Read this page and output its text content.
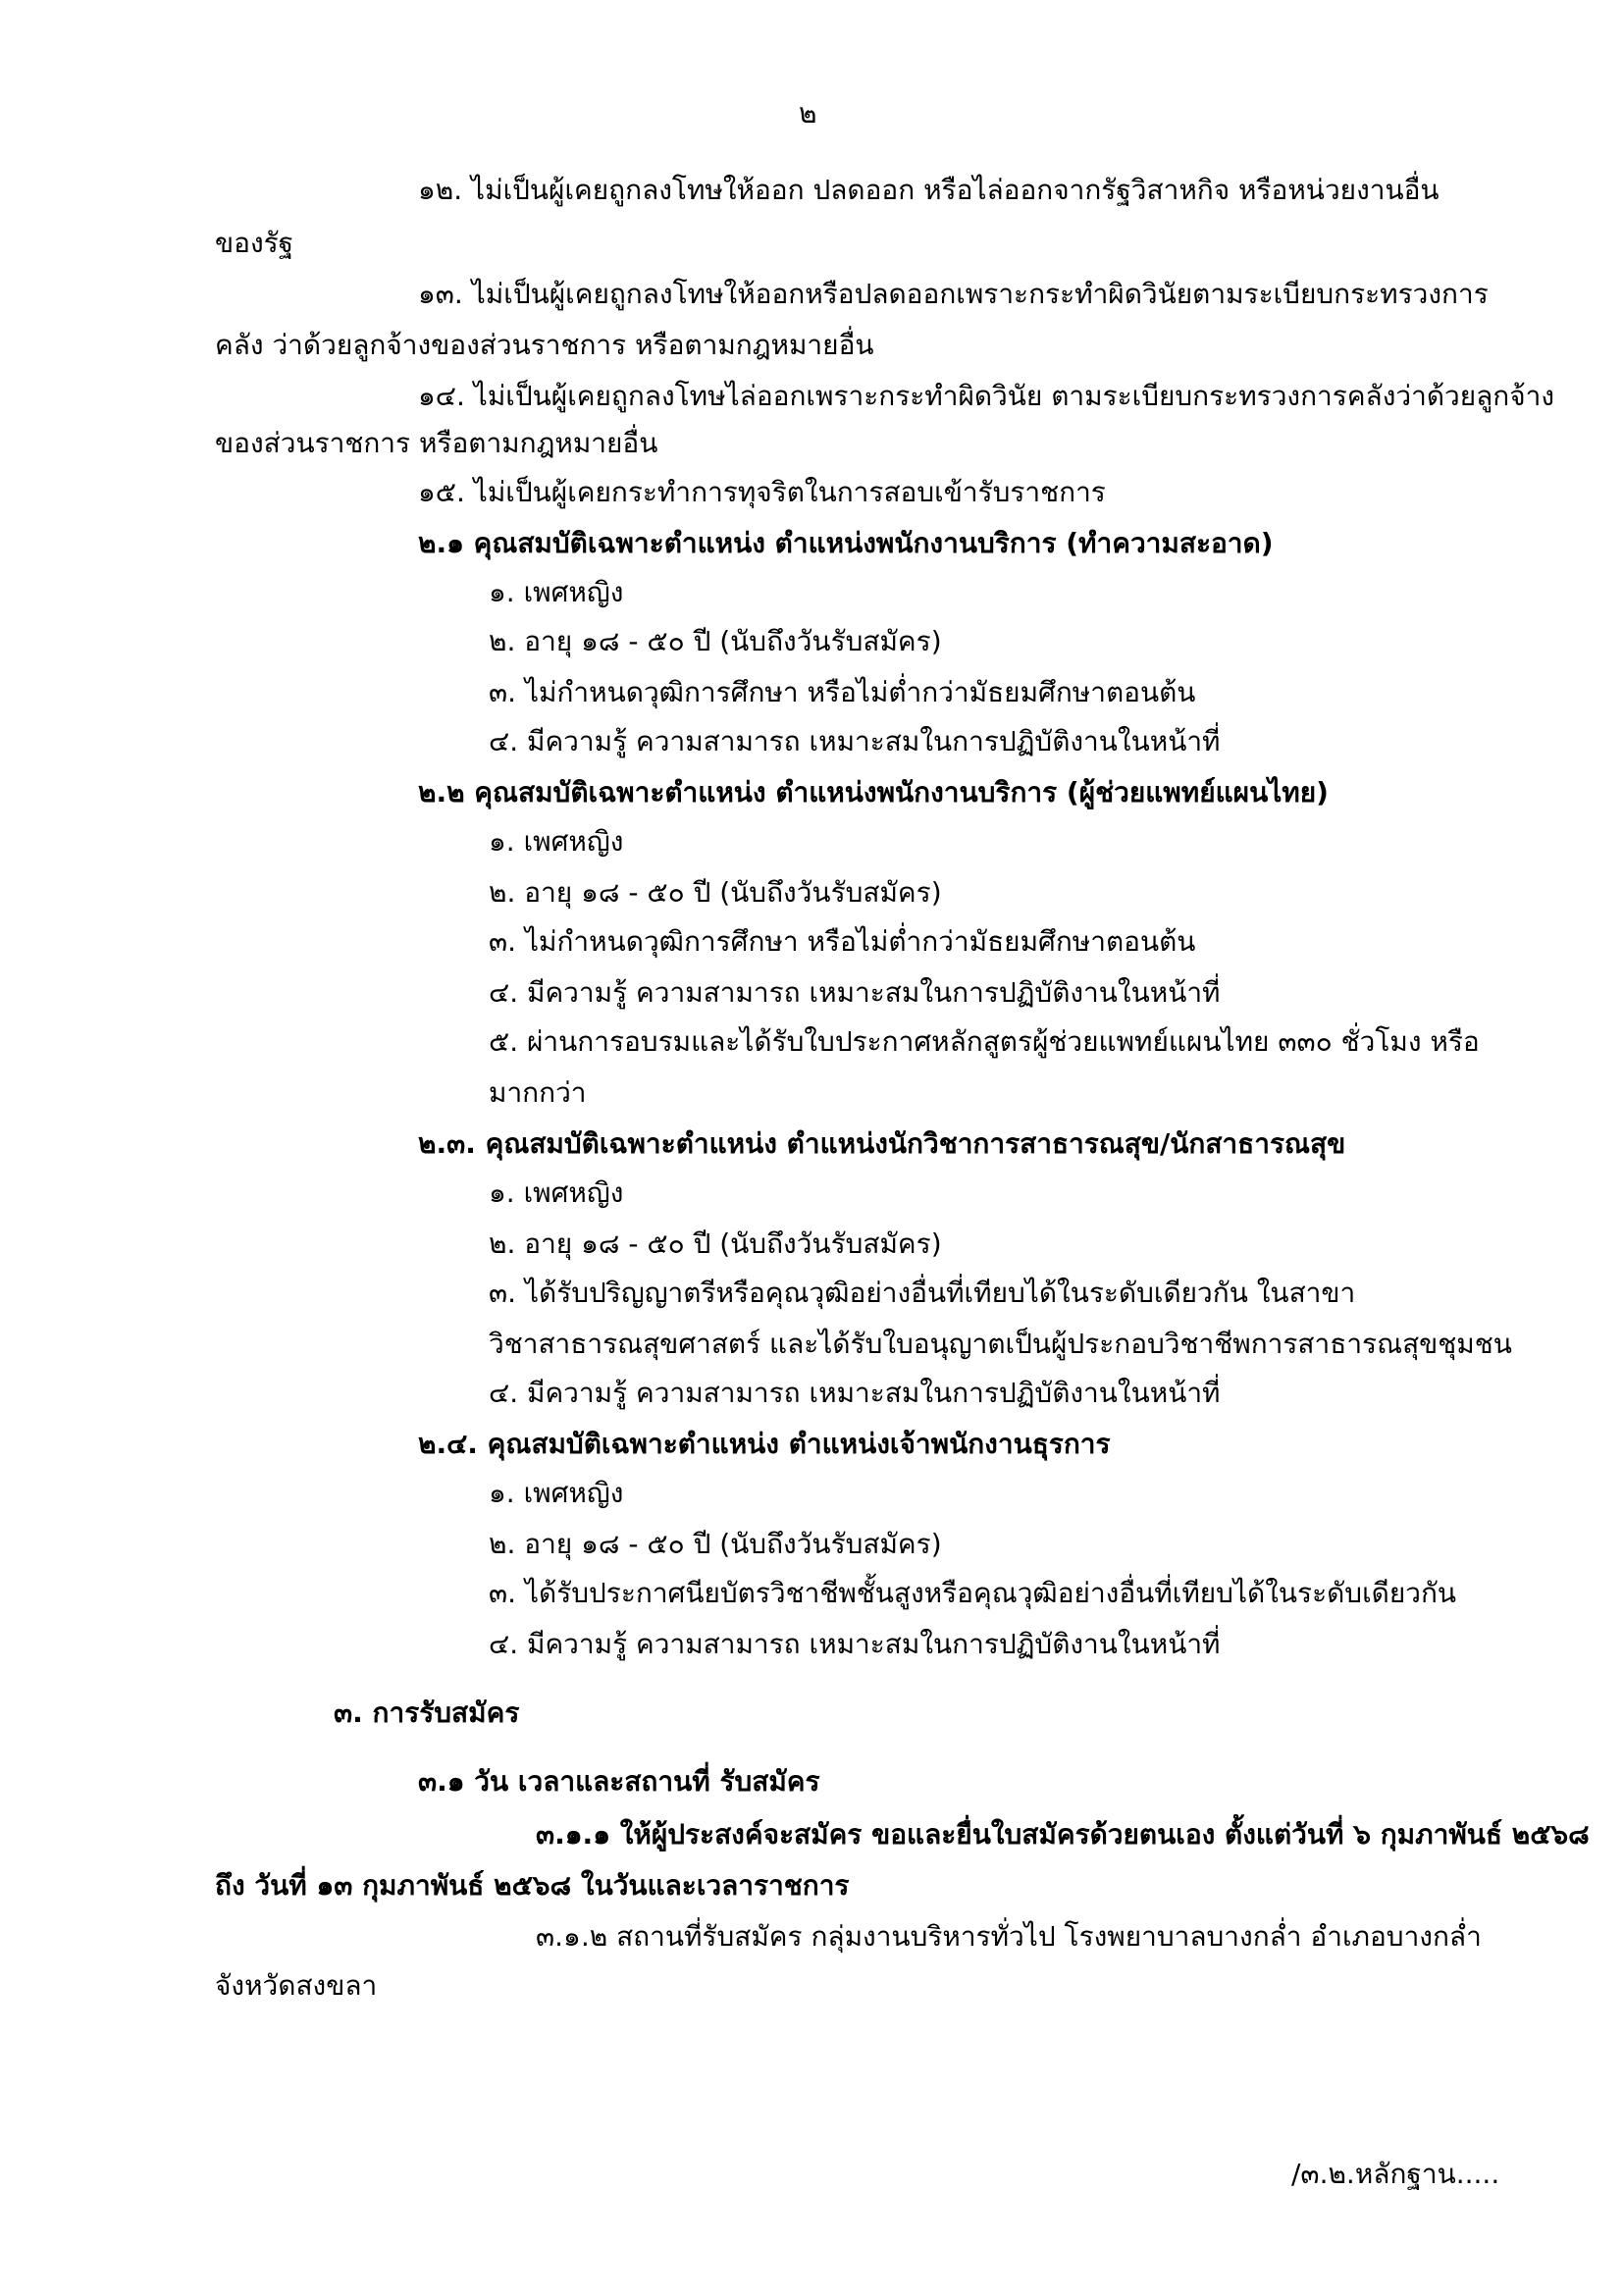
๒
๑๒. ไม่เป็นผู้เคยถูกลงโทษให้ออก ปลดออก หรือไล่ออกจากรัฐวิสาหกิจ หรือหน่วยงานอื่น
ของรัฐ
๑๓. ไม่เป็นผู้เคยถูกลงโทษให้ออกหรือปลดออกเพราะกระทำผิดวินัยตามระเบียบกระทรวงการ
คลัง ว่าด้วยลูกจ้างของส่วนราชการ หรือตามกฎหมายอื่น
๑๔. ไม่เป็นผู้เคยถูกลงโทษไล่ออกเพราะกระทำผิดวินัย ตามระเบียบกระทรวงการคลังว่าด้วยลูกจ้าง
ของส่วนราชการ หรือตามกฎหมายอื่น
๑๕. ไม่เป็นผู้เคยกระทำการทุจริตในการสอบเข้ารับราชการ
๒.๑ คุณสมบัติเฉพาะตำแหน่ง ตำแหน่งพนักงานบริการ (ทำความสะอาด)
๑. เพศหญิง
๒. อายุ ๑๘ - ๕๐ ปี (นับถึงวันรับสมัคร)
๓. ไม่กำหนดวุฒิการศึกษา หรือไม่ต่ำกว่ามัธยมศึกษาตอนต้น
๔. มีความรู้ ความสามารถ เหมาะสมในการปฏิบัติงานในหน้าที่
๒.๒ คุณสมบัติเฉพาะตำแหน่ง ตำแหน่งพนักงานบริการ (ผู้ช่วยแพทย์แผนไทย)
๑. เพศหญิง
๒. อายุ ๑๘ - ๕๐ ปี (นับถึงวันรับสมัคร)
๓. ไม่กำหนดวุฒิการศึกษา หรือไม่ต่ำกว่ามัธยมศึกษาตอนต้น
๔. มีความรู้ ความสามารถ เหมาะสมในการปฏิบัติงานในหน้าที่
๕. ผ่านการอบรมและได้รับใบประกาศหลักสูตรผู้ช่วยแพทย์แผนไทย ๓๓๐ ชั่วโมง หรือ
มากกว่า
๒.๓. คุณสมบัติเฉพาะตำแหน่ง ตำแหน่งนักวิชาการสาธารณสุข/นักสาธารณสุข
๑. เพศหญิง
๒. อายุ ๑๘ - ๕๐ ปี (นับถึงวันรับสมัคร)
๓. ได้รับปริญญาตรีหรือคุณวุฒิอย่างอื่นที่เทียบได้ในระดับเดียวกัน ในสาขา
วิชาสาธารณสุขศาสตร์ และได้รับใบอนุญาตเป็นผู้ประกอบวิชาชีพการสาธารณสุขชุมชน
๔. มีความรู้ ความสามารถ เหมาะสมในการปฏิบัติงานในหน้าที่
๒.๔. คุณสมบัติเฉพาะตำแหน่ง ตำแหน่งเจ้าพนักงานธุรการ
๑. เพศหญิง
๒. อายุ ๑๘ - ๕๐ ปี (นับถึงวันรับสมัคร)
๓. ได้รับประกาศนียบัตรวิชาชีพชั้นสูงหรือคุณวุฒิอย่างอื่นที่เทียบได้ในระดับเดียวกัน
๔. มีความรู้ ความสามารถ เหมาะสมในการปฏิบัติงานในหน้าที่
๓. การรับสมัคร
๓.๑ วัน เวลาและสถานที่ รับสมัคร
๓.๑.๑ ให้ผู้ประสงค์จะสมัคร ขอและยื่นใบสมัครด้วยตนเอง ตั้งแต่วันที่ ๖ กุมภาพันธ์ ๒๕๖๘
ถึง วันที่ ๑๓ กุมภาพันธ์ ๒๕๖๘ ในวันและเวลาราชการ
๓.๑.๒ สถานที่รับสมัคร กลุ่มงานบริหารทั่วไป โรงพยาบาลบางกล่ำ อำเภอบางกล่ำ
จังหวัดสงขลา
/๓.๒.หลักฐาน.....
